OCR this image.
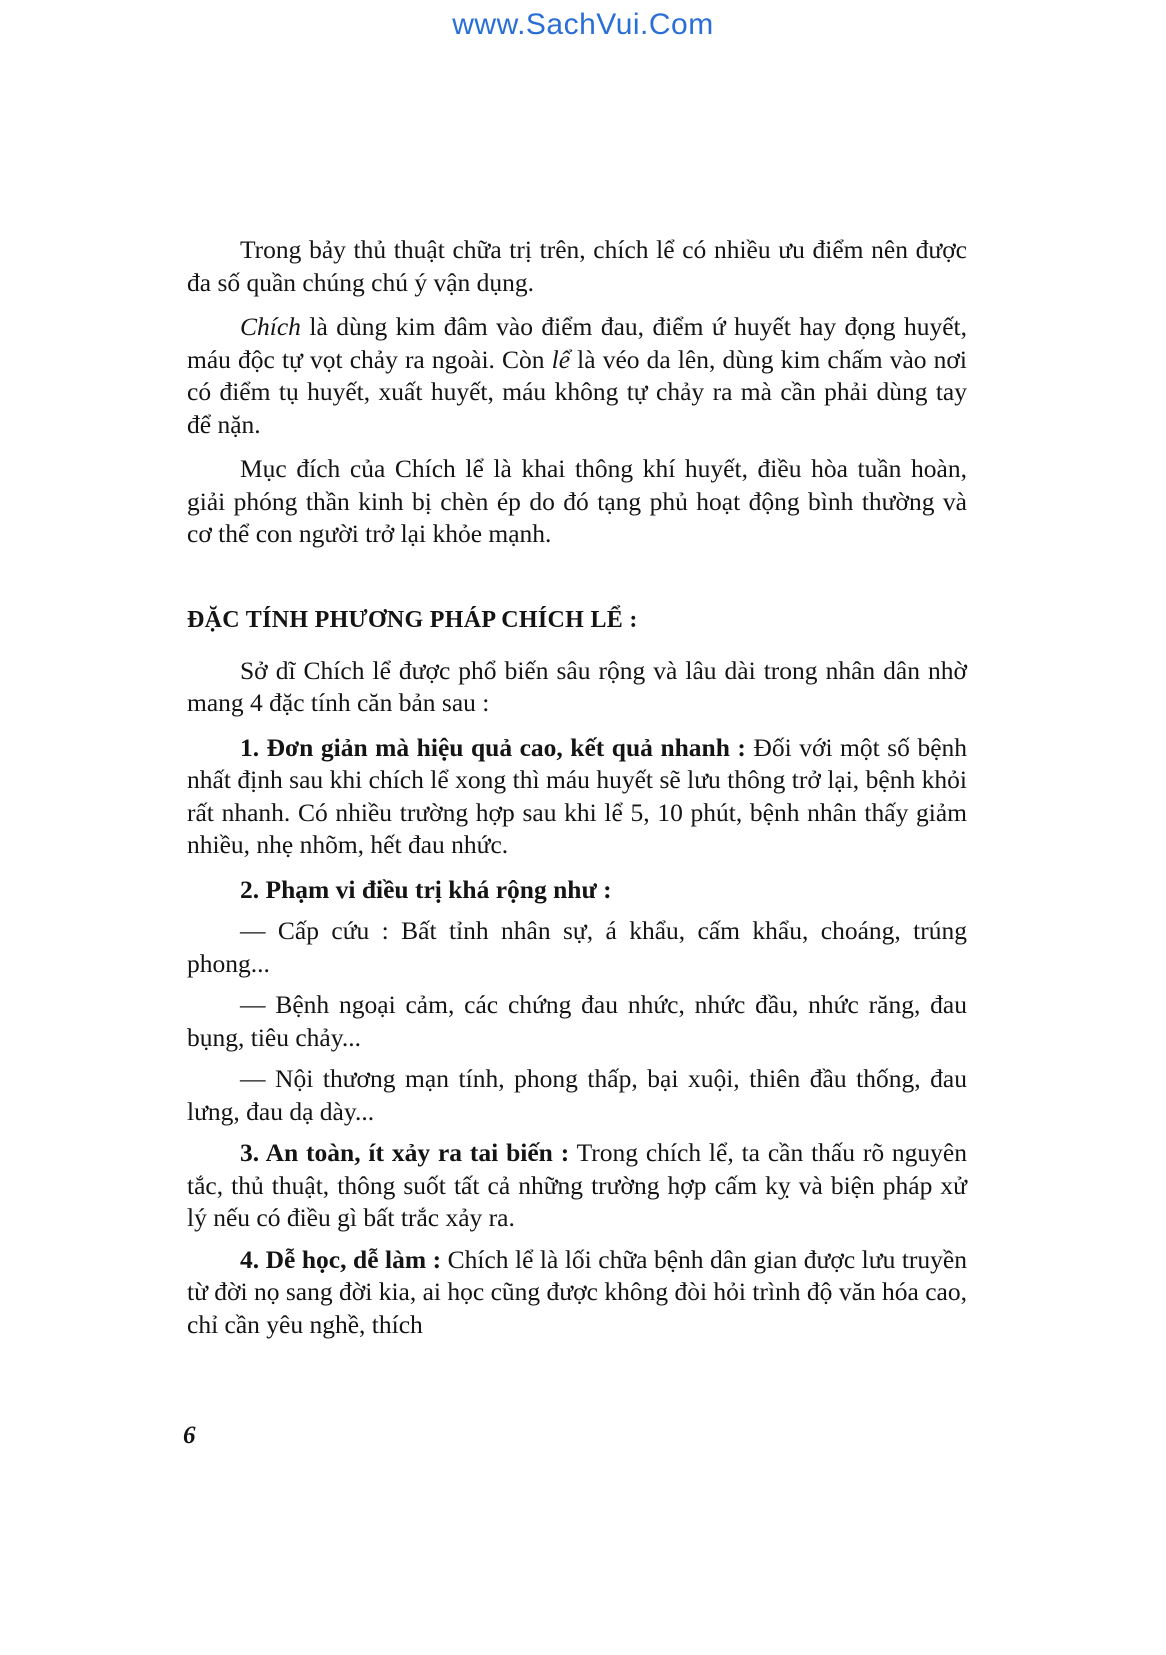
www.SachVui.Com

Trong bảy thủ thuật chữa trị trên, chích lể có nhiều ưu điểm nên được đa số quần chúng chú ý vận dụng.

Chích là dùng kim đâm vào điểm đau, điểm ứ huyết hay đọng huyết, máu độc tự vọt chảy ra ngoài. Còn lể là véo da lên, dùng kim chấm vào nơi có điểm tụ huyết, xuất huyết, máu không tự chảy ra mà cần phải dùng tay để nặn.

Mục đích của Chích lể là khai thông khí huyết, điều hòa tuần hoàn, giải phóng thần kinh bị chèn ép do đó tạng phủ hoạt động bình thường và cơ thể con người trở lại khỏe mạnh.

ĐẶC TÍNH PHƯƠNG PHÁP CHÍCH LỂ :

Sở dĩ Chích lể được phổ biến sâu rộng và lâu dài trong nhân dân nhờ mang 4 đặc tính căn bản sau :

1. Đơn giản mà hiệu quả cao, kết quả nhanh : Đối với một số bệnh nhất định sau khi chích lể xong thì máu huyết sẽ lưu thông trở lại, bệnh khỏi rất nhanh. Có nhiều trường hợp sau khi lể 5, 10 phút, bệnh nhân thấy giảm nhiều, nhẹ nhõm, hết đau nhức.

2. Phạm vi điều trị khá rộng như :

— Cấp cứu : Bất tỉnh nhân sự, á khẩu, cấm khẩu, choáng, trúng phong...

— Bệnh ngoại cảm, các chứng đau nhức, nhức đầu, nhức răng, đau bụng, tiêu chảy...

— Nội thương mạn tính, phong thấp, bại xuội, thiên đầu thống, đau lưng, đau dạ dày...

3. An toàn, ít xảy ra tai biến : Trong chích lể, ta cần thấu rõ nguyên tắc, thủ thuật, thông suốt tất cả những trường hợp cấm kỵ và biện pháp xử lý nếu có điều gì bất trắc xảy ra.

4. Dễ học, dễ làm : Chích lể là lối chữa bệnh dân gian được lưu truyền từ đời nọ sang đời kia, ai học cũng được không đòi hỏi trình độ văn hóa cao, chỉ cần yêu nghề, thích

6
